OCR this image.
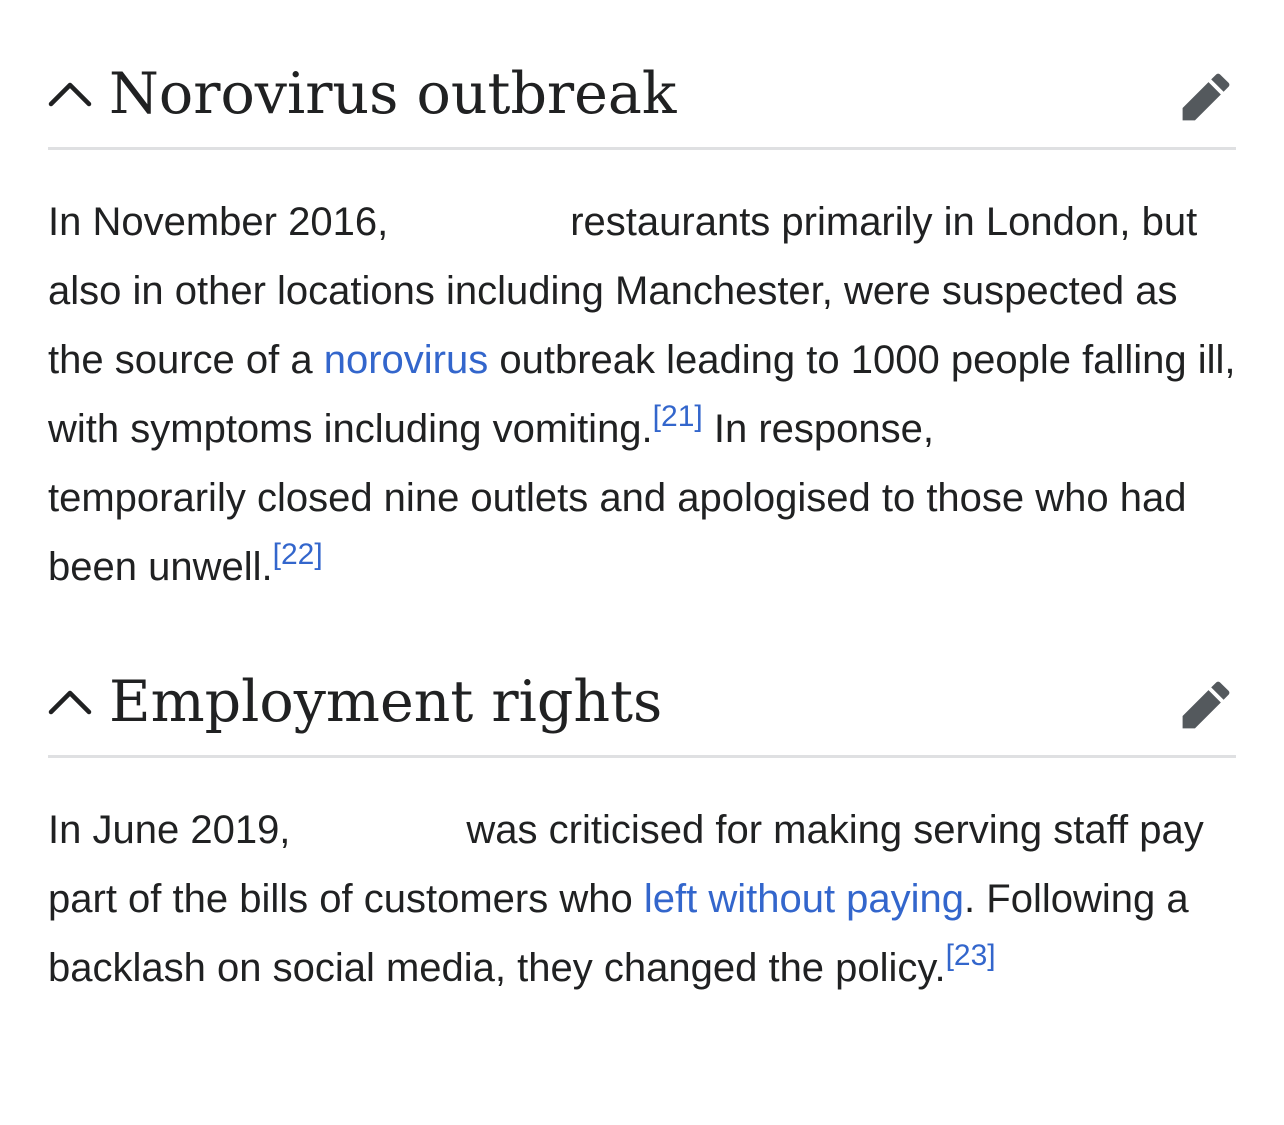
Norovirus outbreak

In November 2016,	restaurants primarily in London, but also in other locations including Manchester, were suspected as the source of a norovirus outbreak leading to 1000 people falling ill, with symptoms including vomiting.[21] In response,temporarily closed nine outlets and apologised to those who had been unwell.[22]

Employment rights

In June 2019,	was criticised for making serving staff pay part of the bills of customers who left without paying. Following a backlash on social media, they changed the policy.[23]
